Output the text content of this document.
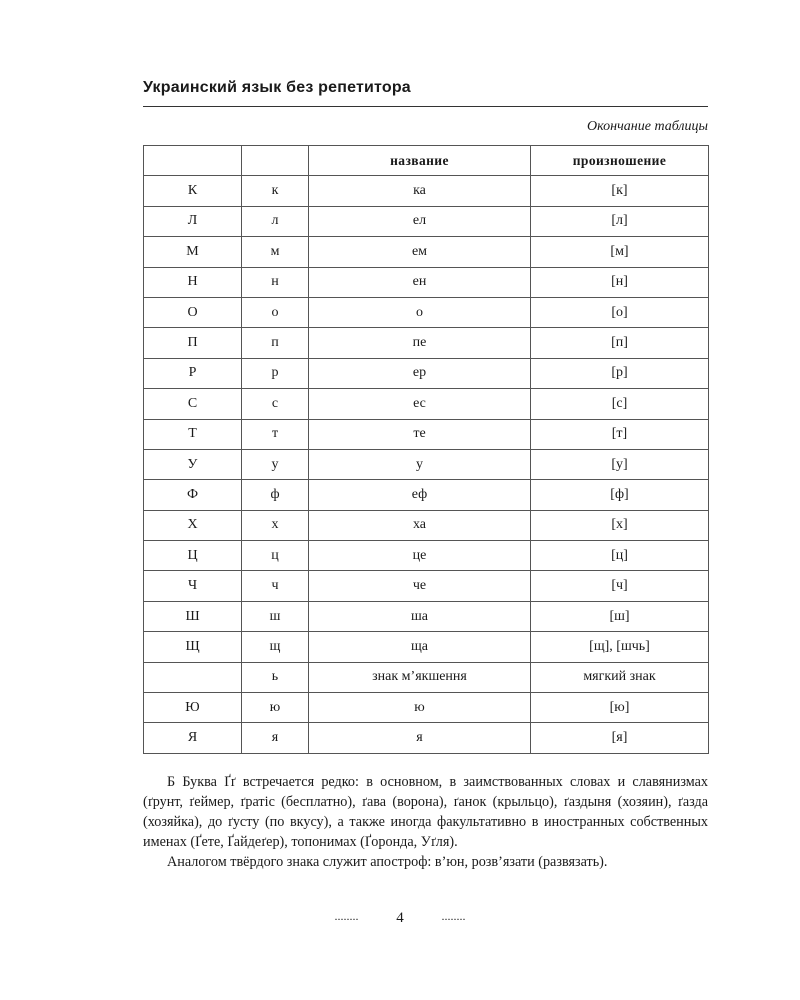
Украинский язык без репетитора
Окончание таблицы
		название	произношение
К	к	ка	[к]
Л	л	ел	[л]
М	м	ем	[м]
Н	н	ен	[н]
О	о	о	[о]
П	п	пе	[п]
Р	р	ер	[р]
С	с	ес	[с]
Т	т	те	[т]
У	у	у	[у]
Ф	ф	еф	[ф]
Х	х	ха	[х]
Ц	ц	це	[ц]
Ч	ч	че	[ч]
Ш	ш	ша	[ш]
Щ	щ	ща	[щ], [шчь]
	ь	знак м’якшення	мягкий знак
Ю	ю	ю	[ю]
Я	я	я	[я]

Б Буква Ґґ встречается редко: в основном, в заимствованных словах и славянизмах (ґрунт, ґеймер, ґратіс (бесплатно), ґава (ворона), ґанок (крыльцо), ґаздыня (хозяин), ґазда (хозяйка), до ґусту (по вкусу), а также иногда факультативно в иностранных собственных именах (Ґете, Ґайдеґер), топонимах (Ґоронда, Уґля).

Аналогом твёрдого знака служит апостроф: в’юн, розв’язати (развязать).

........	4	........
